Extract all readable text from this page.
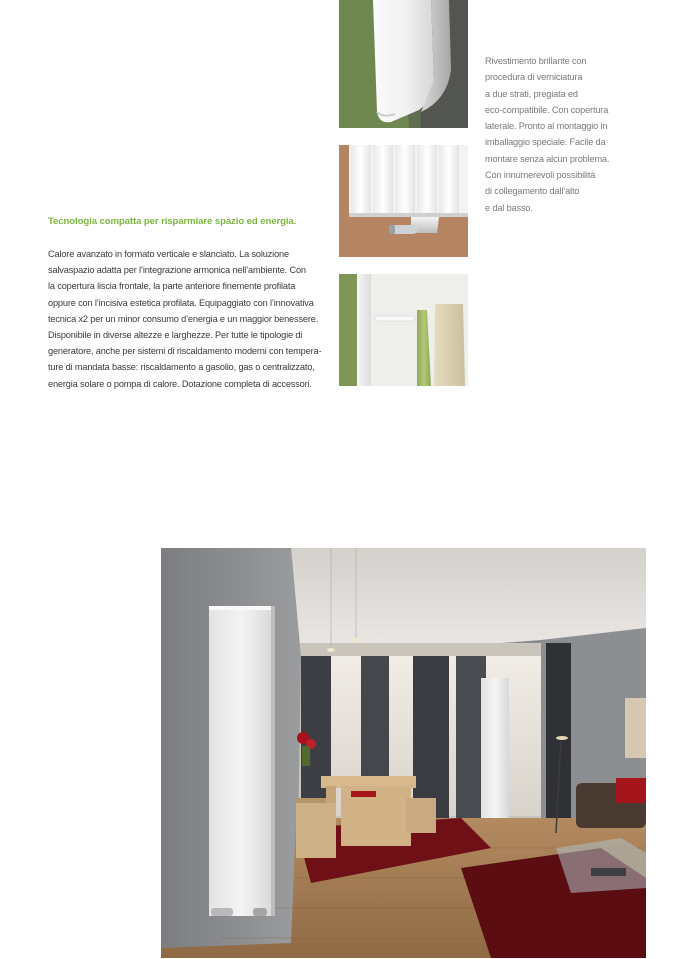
Tecnologia compatta per risparmiare spazio ed energia.
Calore avanzato in formato verticale e slanciato. La soluzione
salvaspazio adatta per l’integrazione armonica nell’ambiente. Con
la copertura liscia frontale, la parte anteriore finemente profilata
oppure con l’incisiva estetica profilata. Equipaggiato con l’innovativa
tecnica x2 per un minor consumo d’energia e un maggior benessere.
Disponibile in diverse altezze e larghezze. Per tutte le tipologie di
generatore, anche per sistemi di riscaldamento moderni con tempera-
ture di mandata basse: riscaldamento a gasolio, gas o centralizzato,
energia solare o pompa di calore. Dotazione completa di accessori.
Rivestimento brillante con
procedura di verniciatura
a due strati, pregiata ed
eco-compatibile. Con copertura
laterale. Pronto al montaggio in
imballaggio speciale. Facile da
montare senza alcun problema.
Con innumerevoli possibilità
di collegamento dall’alto
e dal basso.
